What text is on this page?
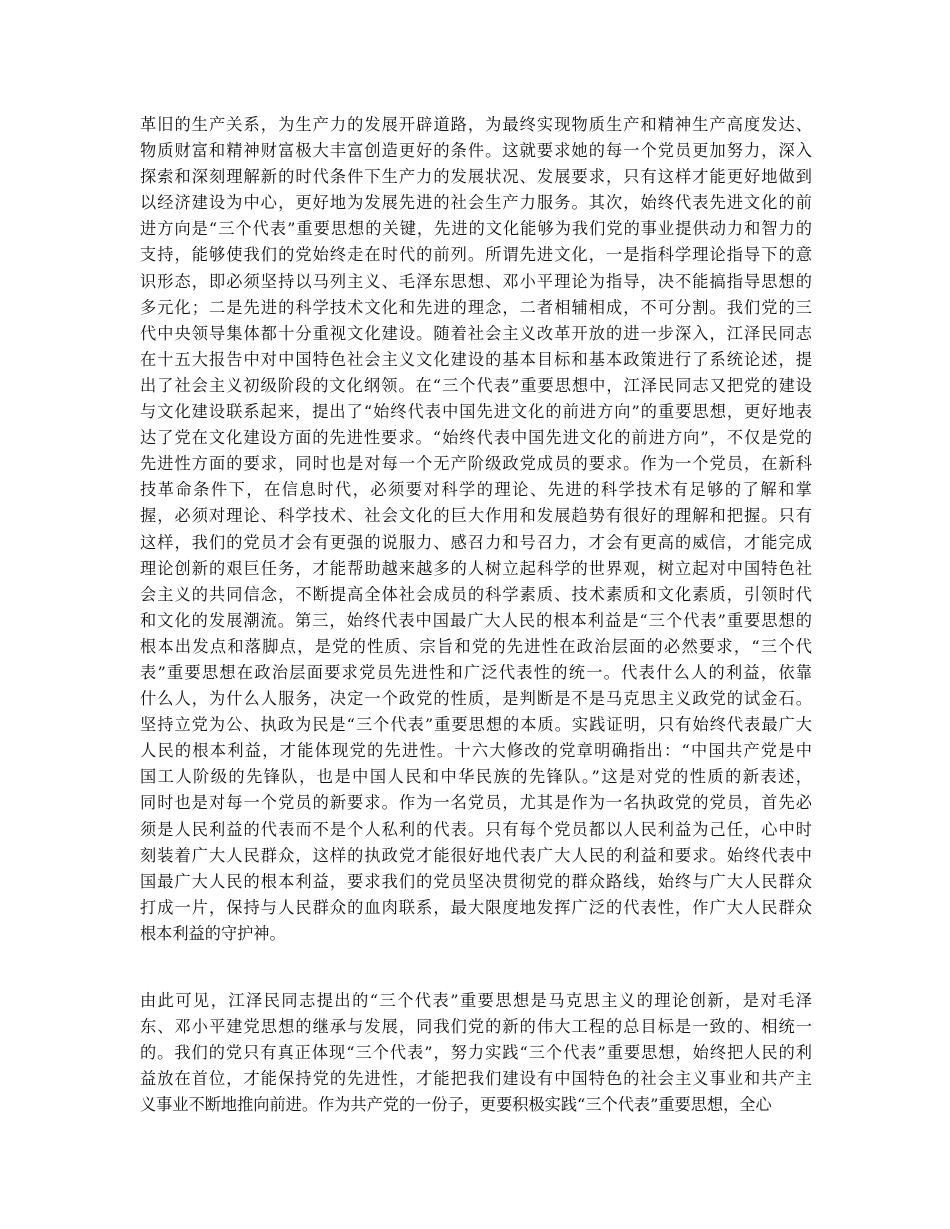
革旧的生产关系，为生产力的发展开辟道路，为最终实现物质生产和精神生产高度发达、
物质财富和精神财富极大丰富创造更好的条件。这就要求她的每一个党员更加努力，深入
探索和深刻理解新的时代条件下生产力的发展状况、发展要求，只有这样才能更好地做到
以经济建设为中心，更好地为发展先进的社会生产力服务。其次，始终代表先进文化的前
进方向是“三个代表”重要思想的关键，先进的文化能够为我们党的事业提供动力和智力的
支持，能够使我们的党始终走在时代的前列。所谓先进文化，一是指科学理论指导下的意
识形态，即必须坚持以马列主义、毛泽东思想、邓小平理论为指导，决不能搞指导思想的
多元化；二是先进的科学技术文化和先进的理念，二者相辅相成，不可分割。我们党的三
代中央领导集体都十分重视文化建设。随着社会主义改革开放的进一步深入，江泽民同志
在十五大报告中对中国特色社会主义文化建设的基本目标和基本政策进行了系统论述，提
出了社会主义初级阶段的文化纲领。在“三个代表”重要思想中，江泽民同志又把党的建设
与文化建设联系起来，提出了“始终代表中国先进文化的前进方向”的重要思想，更好地表
达了党在文化建设方面的先进性要求。“始终代表中国先进文化的前进方向”，不仅是党的
先进性方面的要求，同时也是对每一个无产阶级政党成员的要求。作为一个党员，在新科
技革命条件下，在信息时代，必须要对科学的理论、先进的科学技术有足够的了解和掌
握，必须对理论、科学技术、社会文化的巨大作用和发展趋势有很好的理解和把握。只有
这样，我们的党员才会有更强的说服力、感召力和号召力，才会有更高的威信，才能完成
理论创新的艰巨任务，才能帮助越来越多的人树立起科学的世界观，树立起对中国特色社
会主义的共同信念，不断提高全体社会成员的科学素质、技术素质和文化素质，引领时代
和文化的发展潮流。第三，始终代表中国最广大人民的根本利益是“三个代表”重要思想的
根本出发点和落脚点，是党的性质、宗旨和党的先进性在政治层面的必然要求，“三个代
表”重要思想在政治层面要求党员先进性和广泛代表性的统一。代表什么人的利益，依靠
什么人，为什么人服务，决定一个政党的性质，是判断是不是马克思主义政党的试金石。
坚持立党为公、执政为民是“三个代表”重要思想的本质。实践证明，只有始终代表最广大
人民的根本利益，才能体现党的先进性。十六大修改的党章明确指出：“中国共产党是中
国工人阶级的先锋队，也是中国人民和中华民族的先锋队。”这是对党的性质的新表述，
同时也是对每一个党员的新要求。作为一名党员，尤其是作为一名执政党的党员，首先必
须是人民利益的代表而不是个人私利的代表。只有每个党员都以人民利益为己任，心中时
刻装着广大人民群众，这样的执政党才能很好地代表广大人民的利益和要求。始终代表中
国最广大人民的根本利益，要求我们的党员坚决贯彻党的群众路线，始终与广大人民群众
打成一片，保持与人民群众的血肉联系，最大限度地发挥广泛的代表性，作广大人民群众
根本利益的守护神。
由此可见，江泽民同志提出的“三个代表”重要思想是马克思主义的理论创新，是对毛泽
东、邓小平建党思想的继承与发展，同我们党的新的伟大工程的总目标是一致的、相统一
的。我们的党只有真正体现“三个代表”，努力实践“三个代表”重要思想，始终把人民的利
益放在首位，才能保持党的先进性，才能把我们建设有中国特色的社会主义事业和共产主
义事业不断地推向前进。作为共产党的一份子，更要积极实践“三个代表”重要思想，全心
